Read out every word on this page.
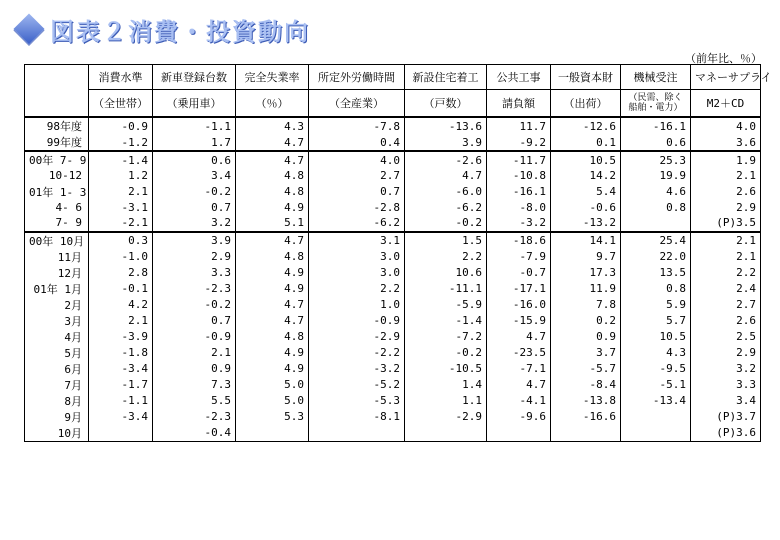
図表２消費・投資動向
（前年比、％）
	消費水準	新車登録台数	完全失業率	所定外労働時間	新設住宅着工	公共工事	一般資本財	機械受注	マネーサプライ
	（全世帯）	（乗用車）	（％）	（全産業）	（戸数）	請負額	（出荷）	（民需、除く船舶・電力）	M2＋CD
98年度	-0.9	-1.1	4.3	-7.8	-13.6	11.7	-12.6	-16.1	4.0
99年度	-1.2	1.7	4.7	0.4	3.9	-9.2	0.1	0.6	3.6
00年 7- 9	-1.4	0.6	4.7	4.0	-2.6	-11.7	10.5	25.3	1.9
10-12	1.2	3.4	4.8	2.7	4.7	-10.8	14.2	19.9	2.1
01年 1- 3	2.1	-0.2	4.8	0.7	-6.0	-16.1	5.4	4.6	2.6
4- 6	-3.1	0.7	4.9	-2.8	-6.2	-8.0	-0.6	0.8	2.9
7- 9	-2.1	3.2	5.1	-6.2	-0.2	-3.2	-13.2		(P)3.5
00年 10月	0.3	3.9	4.7	3.1	1.5	-18.6	14.1	25.4	2.1
11月	-1.0	2.9	4.8	3.0	2.2	-7.9	9.7	22.0	2.1
12月	2.8	3.3	4.9	3.0	10.6	-0.7	17.3	13.5	2.2
01年 1月	-0.1	-2.3	4.9	2.2	-11.1	-17.1	11.9	0.8	2.4
2月	4.2	-0.2	4.7	1.0	-5.9	-16.0	7.8	5.9	2.7
3月	2.1	0.7	4.7	-0.9	-1.4	-15.9	0.2	5.7	2.6
4月	-3.9	-0.9	4.8	-2.9	-7.2	4.7	0.9	10.5	2.5
5月	-1.8	2.1	4.9	-2.2	-0.2	-23.5	3.7	4.3	2.9
6月	-3.4	0.9	4.9	-3.2	-10.5	-7.1	-5.7	-9.5	3.2
7月	-1.7	7.3	5.0	-5.2	1.4	4.7	-8.4	-5.1	3.3
8月	-1.1	5.5	5.0	-5.3	1.1	-4.1	-13.8	-13.4	3.4
9月	-3.4	-2.3	5.3	-8.1	-2.9	-9.6	-16.6		(P)3.7
10月		-0.4							(P)3.6
